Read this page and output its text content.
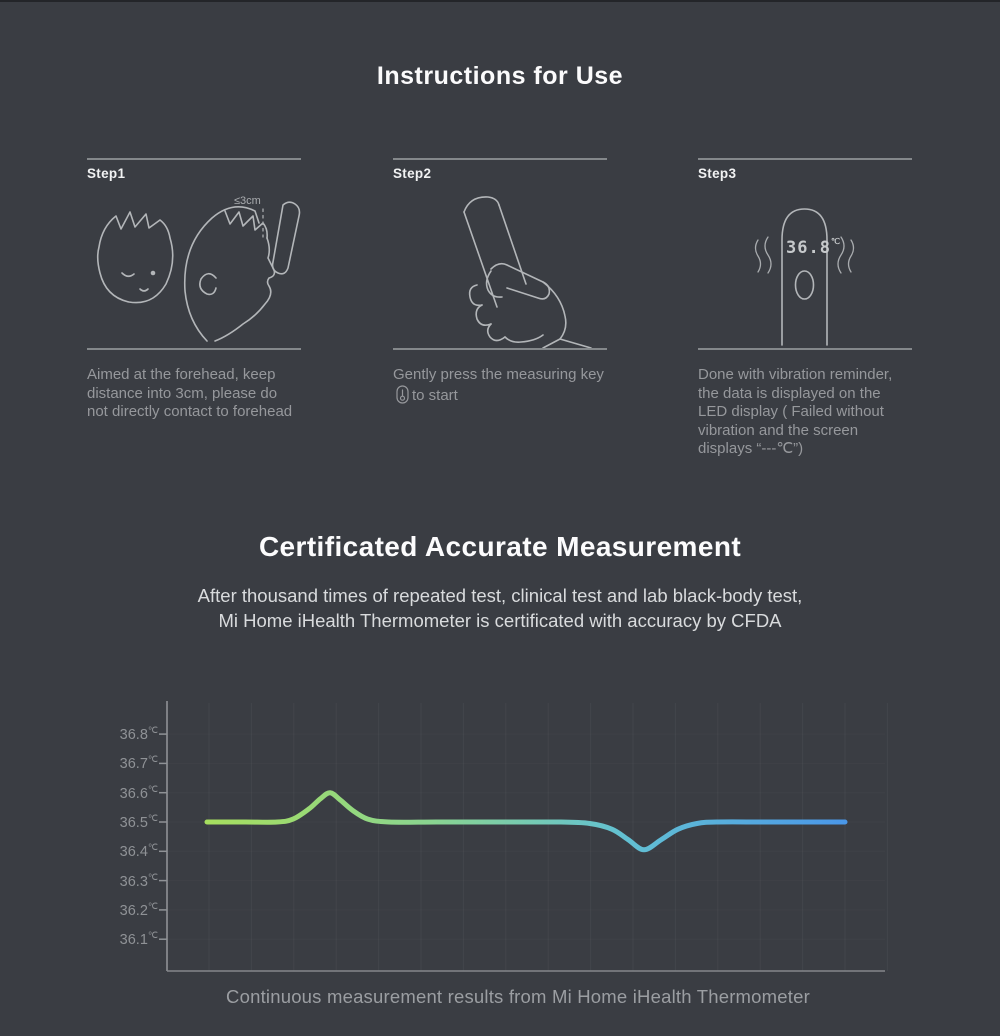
Instructions for Use
Step1
≤3cm

Aimed at the forehead, keep distance into 3cm, please do not directly contact to forehead

Step2

Gently press the measuring keyto start

Step3
36.8℃

Done with vibration reminder, the data is displayed on the LED display ( Failed without vibration and the screen displays “---℃”)

Certificated Accurate Measurement
After thousand times of repeated test, clinical test and lab black-body test,
Mi Home iHealth Thermometer is certificated with accuracy by CFDA
36.8℃
36.7℃
36.6℃
36.5℃
36.4℃
36.3℃
36.2℃
36.1℃
Continuous measurement results from Mi Home iHealth Thermometer
